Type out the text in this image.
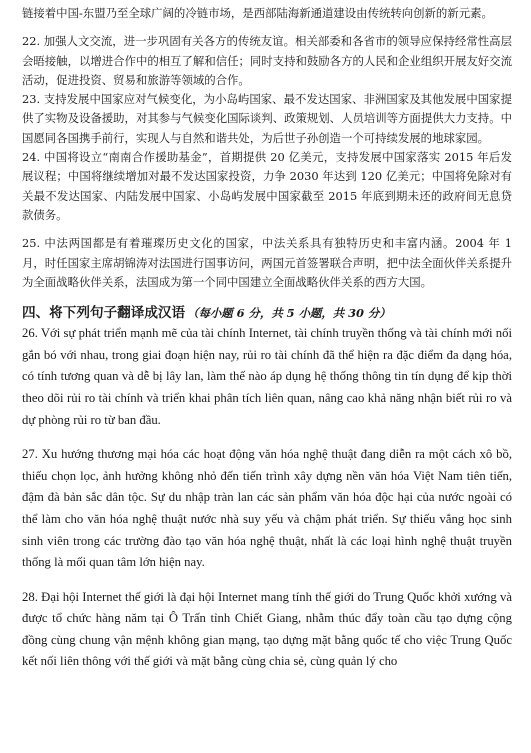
链接着中国-东盟乃至全球广阔的冷链市场，是西部陆海新通道建设由传统转向创新的新元素。

22. 加强人文交流，进一步巩固有关各方的传统友谊。相关部委和各省市的领导应保持经常性高层会晤接触，以增进合作中的相互了解和信任；同时支持和鼓励各方的人民和企业组织开展友好交流活动，促进投资、贸易和旅游等领域的合作。

23. 支持发展中国家应对气候变化，为小岛屿国家、最不发达国家、非洲国家及其他发展中国家提供了实物及设备援助，对其参与气候变化国际谈判、政策规划、人员培训等方面提供大力支持。中国愿同各国携手前行，实现人与自然和谐共处，为后世子孙创造一个可持续发展的地球家园。

24. 中国将设立“南南合作援助基金”，首期提供 20 亿美元，支持发展中国家落实 2015 年后发展议程；中国将继续增加对最不发达国家投资，力争 2030 年达到 120 亿美元；中国将免除对有关最不发达国家、内陆发展中国家、小岛屿发展中国家截至 2015 年底到期未还的政府间无息贷款债务。

25. 中法两国都是有着璀璨历史文化的国家，中法关系具有独特历史和丰富内涵。2004 年 1 月，时任国家主席胡锦涛对法国进行国事访问，两国元首签署联合声明，把中法全面伙伴关系提升为全面战略伙伴关系，法国成为第一个同中国建立全面战略伙伴关系的西方大国。

四、将下列句子翻译成汉语 （每小题 6 分，共 5 小题，共 30 分）

26. Với sự phát triển mạnh mẽ của tài chính Internet, tài chính truyền thống và tài chính mới nối gắn bó với nhau, trong giai đoạn hiện nay, rủi ro tài chính đã thể hiện ra đặc điểm đa dạng hóa, có tính tương quan và dễ bị lây lan, làm thế nào áp dụng hệ thống thông tin tín dụng để kịp thời theo dõi rủi ro tài chính và triển khai phân tích liên quan, nâng cao khả năng nhận biết rủi ro và dự phòng rủi ro từ ban đầu.

27. Xu hướng thương mại hóa các hoạt động văn hóa nghệ thuật đang diễn ra một cách xô bồ, thiếu chọn lọc, ảnh hưởng không nhỏ đến tiến trình xây dựng nền văn hóa Việt Nam tiên tiến, đậm đà bản sắc dân tộc. Sự du nhập tràn lan các sản phẩm văn hóa độc hại của nước ngoài có thể làm cho văn hóa nghệ thuật nước nhà suy yếu và chậm phát triển. Sự thiếu vắng học sinh sinh viên trong các trường đào tạo văn hóa nghệ thuật, nhất là các loại hình nghệ thuật truyền thống là mối quan tâm lớn hiện nay.

28. Đại hội Internet thế giới là đại hội Internet mang tính thế giới do Trung Quốc khởi xướng và được tổ chức hàng năm tại Ô Trấn tỉnh Chiết Giang, nhằm thúc đẩy toàn cầu tạo dựng cộng đồng cùng chung vận mệnh không gian mạng, tạo dựng mặt bằng quốc tế cho việc Trung Quốc kết nối liên thông với thế giới và mặt bằng cùng chia sẻ, cùng quản lý cho
